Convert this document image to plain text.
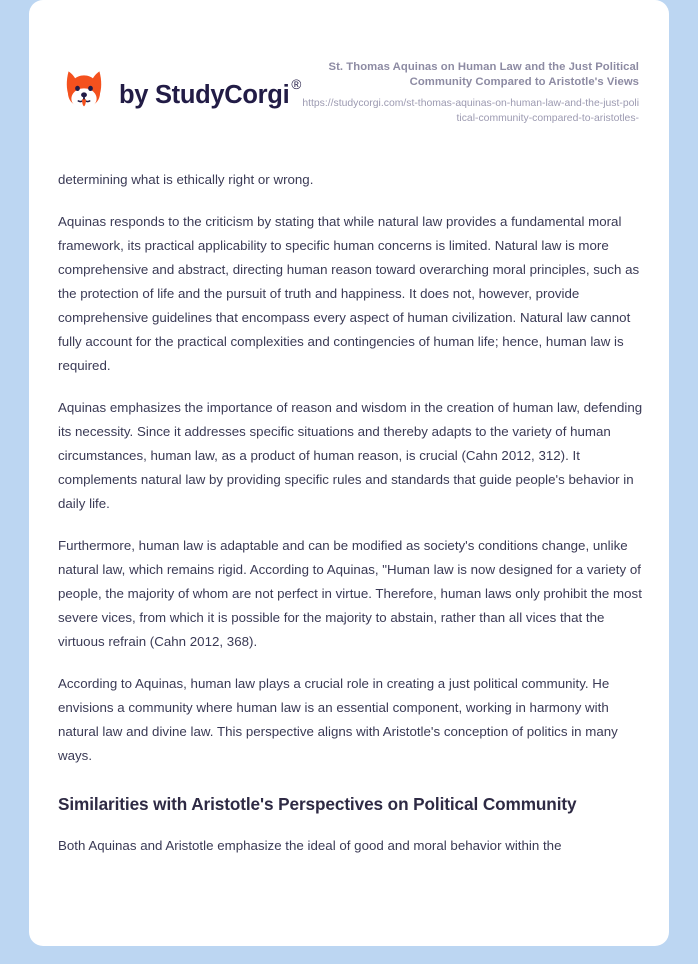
by StudyCorgi ®

St. Thomas Aquinas on Human Law and the Just Political Community Compared to Aristotle's Views

https://studycorgi.com/st-thomas-aquinas-on-human-law-and-the-just-political-community-compared-to-aristotles-

determining what is ethically right or wrong.

Aquinas responds to the criticism by stating that while natural law provides a fundamental moral framework, its practical applicability to specific human concerns is limited. Natural law is more comprehensive and abstract, directing human reason toward overarching moral principles, such as the protection of life and the pursuit of truth and happiness. It does not, however, provide comprehensive guidelines that encompass every aspect of human civilization. Natural law cannot fully account for the practical complexities and contingencies of human life; hence, human law is required.

Aquinas emphasizes the importance of reason and wisdom in the creation of human law, defending its necessity. Since it addresses specific situations and thereby adapts to the variety of human circumstances, human law, as a product of human reason, is crucial (Cahn 2012, 312). It complements natural law by providing specific rules and standards that guide people's behavior in daily life.

Furthermore, human law is adaptable and can be modified as society's conditions change, unlike natural law, which remains rigid. According to Aquinas, "Human law is now designed for a variety of people, the majority of whom are not perfect in virtue. Therefore, human laws only prohibit the most severe vices, from which it is possible for the majority to abstain, rather than all vices that the virtuous refrain (Cahn 2012, 368).

According to Aquinas, human law plays a crucial role in creating a just political community. He envisions a community where human law is an essential component, working in harmony with natural law and divine law. This perspective aligns with Aristotle's conception of politics in many ways.

Similarities with Aristotle's Perspectives on Political Community

Both Aquinas and Aristotle emphasize the ideal of good and moral behavior within the
